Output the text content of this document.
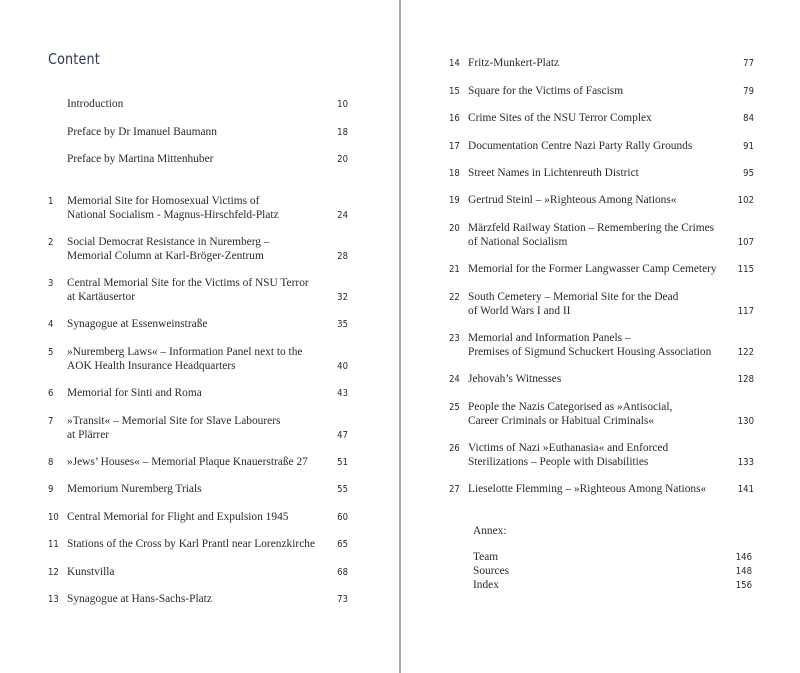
Content
Introduction	10
Preface by Dr Imanuel Baumann	18
Preface by Martina Mittenhuber	20
1	Memorial Site for Homosexual Victims of
National Socialism - Magnus-Hirschfeld-Platz	24
2	Social Democrat Resistance in Nuremberg –
Memorial Column at Karl-Bröger-Zentrum	28
3	Central Memorial Site for the Victims of NSU Terror
at Kartäusertor	32
4	Synagogue at Essenweinstraße	35
5	»Nuremberg Laws« – Information Panel next to the
AOK Health Insurance Headquarters	40
6	Memorial for Sinti and Roma	43
7	»Transit« – Memorial Site for Slave Labourers
at Plärrer	47
8	»Jews’ Houses« – Memorial Plaque Knauerstraße 27	51
9	Memorium Nuremberg Trials	55
10 Central Memorial for Flight and Expulsion 1945	60
11 Stations of the Cross by Karl Prantl near Lorenzkirche	65
12 Kunstvilla	68
13 Synagogue at Hans-Sachs-Platz	73
14 Fritz-Munkert-Platz	77
15 Square for the Victims of Fascism	79
16 Crime Sites of the NSU Terror Complex	84
17 Documentation Centre Nazi Party Rally Grounds	91
18 Street Names in Lichtenreuth District	95
19 Gertrud Steinl – »Righteous Among Nations«	102
20 Märzfeld Railway Station – Remembering the Crimes
of National Socialism	107
21 Memorial for the Former Langwasser Camp Cemetery	115
22 South Cemetery – Memorial Site for the Dead
of World Wars I and II	117
23 Memorial and Information Panels –
Premises of Sigmund Schuckert Housing Association	122
24 Jehovah’s Witnesses	128
25 People the Nazis Categorised as »Antisocial,
Career Criminals or Habitual Criminals«	130
26 Victims of Nazi »Euthanasia« and Enforced
Sterilizations – People with Disabilities	133
27 Lieselotte Flemming – »Righteous Among Nations«	141
Annex:
Team	146
Sources	148
Index	156
